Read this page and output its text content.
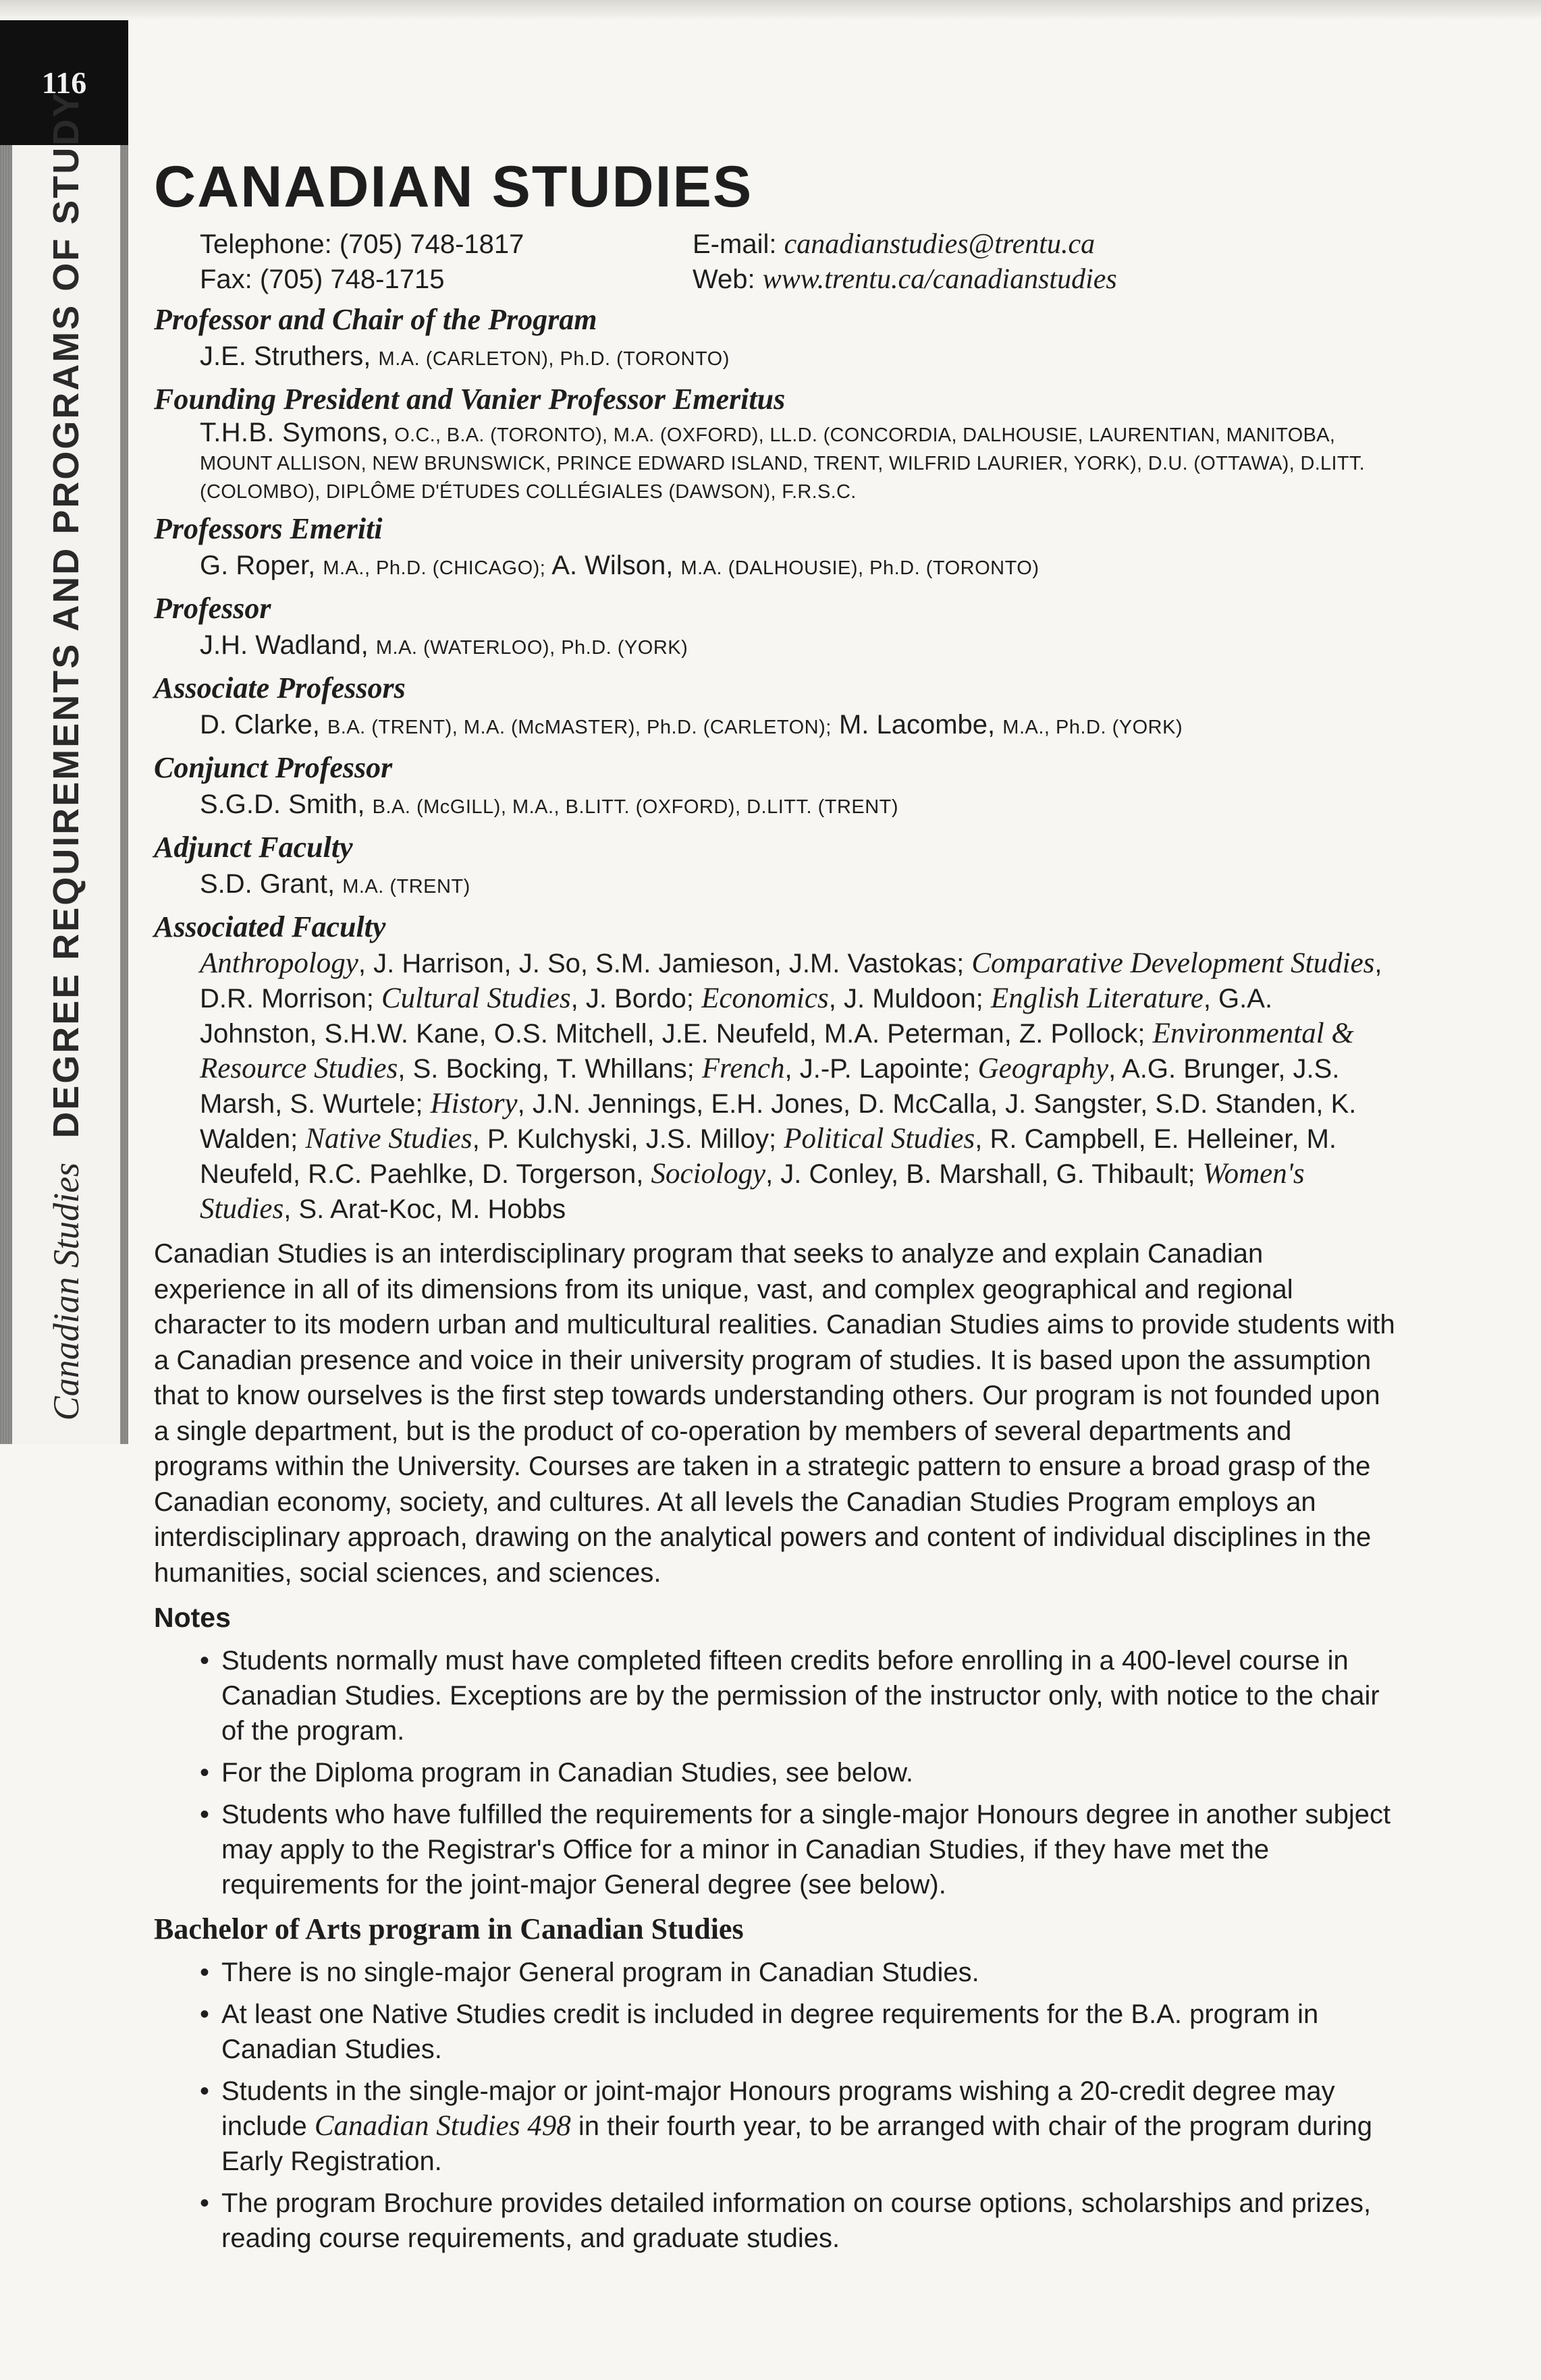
116
Canadian StudiesDEGREE REQUIREMENTS AND PROGRAMS OF STUDY CANADIAN STUDIES
Telephone: (705) 748-1817	E-mail: canadianstudies@trentu.ca
Fax: (705) 748-1715	Web: www.trentu.ca/canadianstudies
Professor and Chair of the Program
J.E. Struthers, M.A. (CARLETON), Ph.D. (TORONTO)
Founding President and Vanier Professor Emeritus
T.H.B. Symons, O.C., B.A. (TORONTO), M.A. (OXFORD), LL.D. (CONCORDIA, DALHOUSIE, LAURENTIAN, MANITOBA, MOUNT ALLISON, NEW BRUNSWICK, PRINCE EDWARD ISLAND, TRENT, WILFRID LAURIER, YORK), D.U. (OTTAWA), D.LITT. (COLOMBO), DIPLÔME D'ÉTUDES COLLÉGIALES (DAWSON), F.R.S.C.
Professors Emeriti
G. Roper, M.A., Ph.D. (CHICAGO); A. Wilson, M.A. (DALHOUSIE), Ph.D. (TORONTO)
Professor
J.H. Wadland, M.A. (WATERLOO), Ph.D. (YORK)
Associate Professors
D. Clarke, B.A. (TRENT), M.A. (McMASTER), Ph.D. (CARLETON); M. Lacombe, M.A., Ph.D. (YORK)
Conjunct Professor
S.G.D. Smith, B.A. (McGILL), M.A., B.LITT. (OXFORD), D.LITT. (TRENT)
Adjunct Faculty
S.D. Grant, M.A. (TRENT)
Associated Faculty
Anthropology, J. Harrison, J. So, S.M. Jamieson, J.M. Vastokas; Comparative Development Studies, D.R. Morrison; Cultural Studies, J. Bordo; Economics, J. Muldoon; English Literature, G.A. Johnston, S.H.W. Kane, O.S. Mitchell, J.E. Neufeld, M.A. Peterman, Z. Pollock; Environmental & Resource Studies, S. Bocking, T. Whillans; French, J.-P. Lapointe; Geography, A.G. Brunger, J.S. Marsh, S. Wurtele; History, J.N. Jennings, E.H. Jones, D. McCalla, J. Sangster, S.D. Standen, K. Walden; Native Studies, P. Kulchyski, J.S. Milloy; Political Studies, R. Campbell, E. Helleiner, M. Neufeld, R.C. Paehlke, D. Torgerson, Sociology, J. Conley, B. Marshall, G. Thibault; Women's Studies, S. Arat-Koc, M. Hobbs

Canadian Studies is an interdisciplinary program that seeks to analyze and explain Canadian experience in all of its dimensions from its unique, vast, and complex geographical and regional character to its modern urban and multicultural realities. Canadian Studies aims to provide students with a Canadian presence and voice in their university program of studies. It is based upon the assumption that to know ourselves is the first step towards understanding others. Our program is not founded upon a single department, but is the product of co-operation by members of several departments and programs within the University. Courses are taken in a strategic pattern to ensure a broad grasp of the Canadian economy, society, and cultures. At all levels the Canadian Studies Program employs an interdisciplinary approach, drawing on the analytical powers and content of individual disciplines in the humanities, social sciences, and sciences.

Notes
• Students normally must have completed fifteen credits before enrolling in a 400-level course in Canadian Studies. Exceptions are by the permission of the instructor only, with notice to the chair of the program.
• For the Diploma program in Canadian Studies, see below.
• Students who have fulfilled the requirements for a single-major Honours degree in another subject may apply to the Registrar's Office for a minor in Canadian Studies, if they have met the requirements for the joint-major General degree (see below).
Bachelor of Arts program in Canadian Studies
• There is no single-major General program in Canadian Studies.
• At least one Native Studies credit is included in degree requirements for the B.A. program in Canadian Studies.
• Students in the single-major or joint-major Honours programs wishing a 20-credit degree may include Canadian Studies 498 in their fourth year, to be arranged with chair of the program during Early Registration.
• The program Brochure provides detailed information on course options, scholarships and prizes, reading course requirements, and graduate studies.
